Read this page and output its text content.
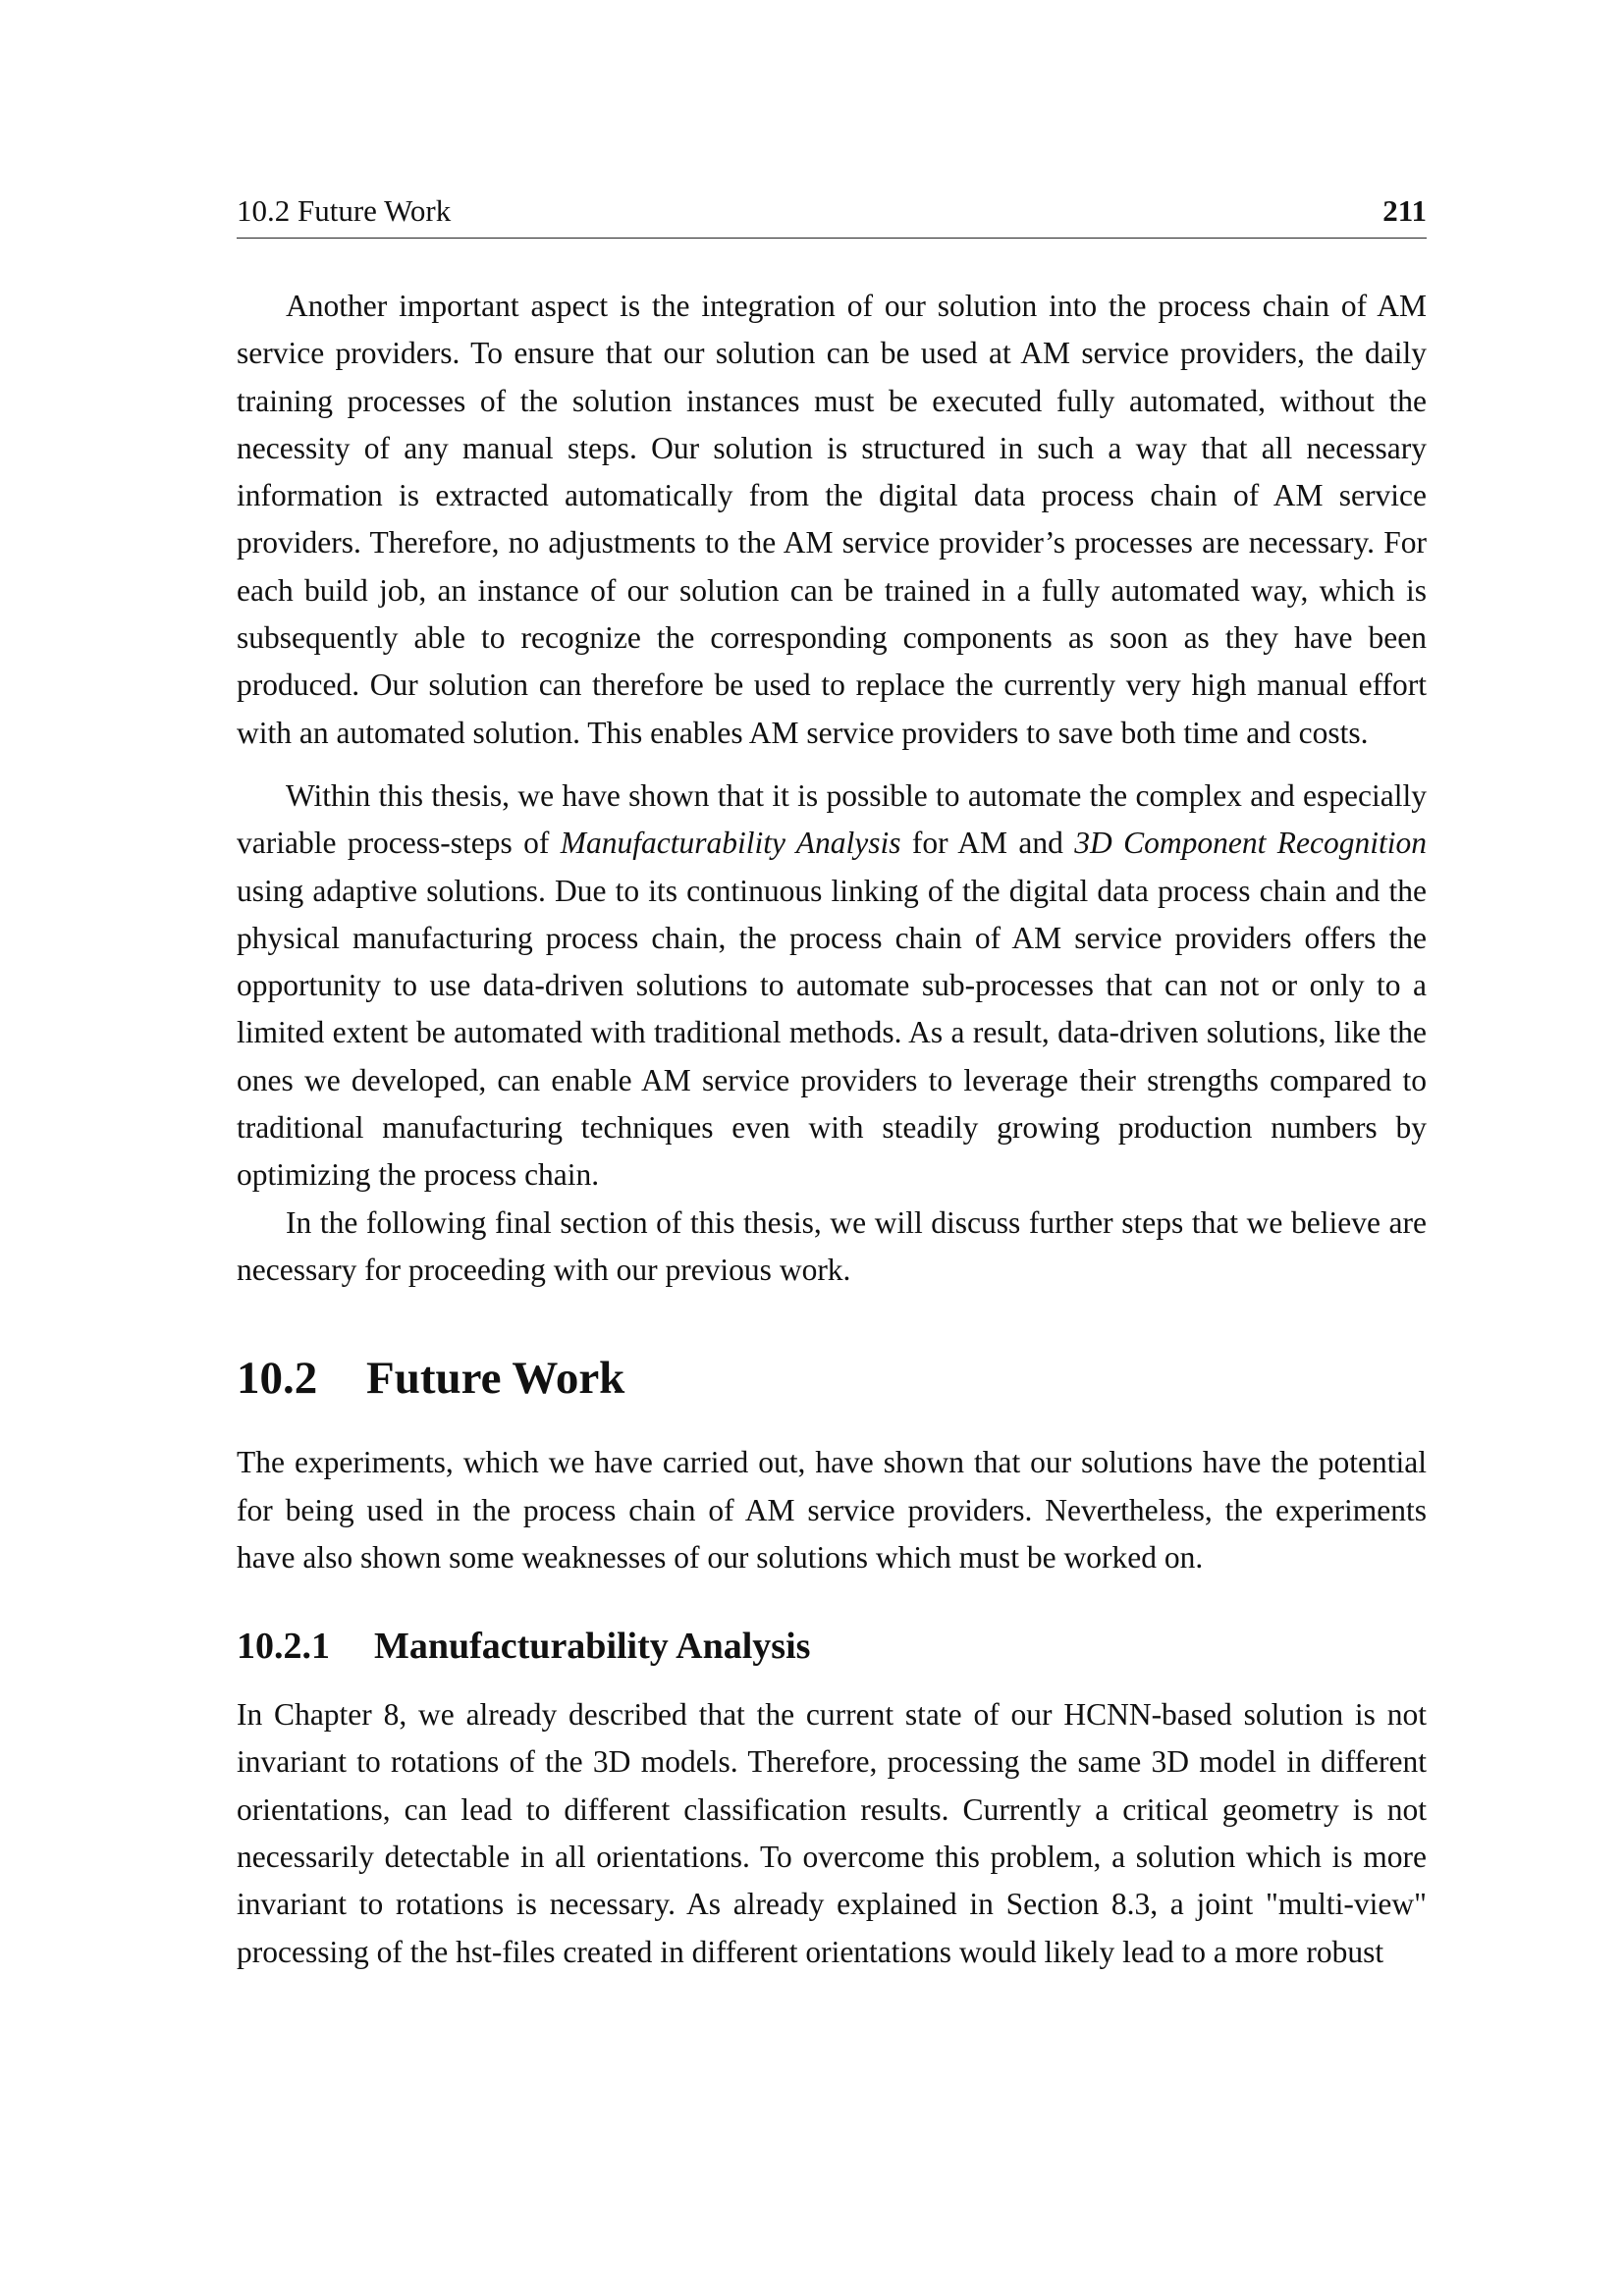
10.2 Future Work	211

Another important aspect is the integration of our solution into the process chain of AM service providers. To ensure that our solution can be used at AM service providers, the daily training processes of the solution instances must be executed fully automated, without the necessity of any manual steps. Our solution is structured in such a way that all necessary information is extracted automatically from the digital data process chain of AM service providers. Therefore, no adjustments to the AM service provider’s processes are necessary. For each build job, an instance of our solution can be trained in a fully automated way, which is subsequently able to recognize the corresponding components as soon as they have been produced. Our solution can therefore be used to replace the currently very high manual effort with an automated solution. This enables AM service providers to save both time and costs.

Within this thesis, we have shown that it is possible to automate the complex and especially variable process-steps of Manufacturability Analysis for AM and 3D Component Recognition using adaptive solutions. Due to its continuous linking of the digital data process chain and the physical manufacturing process chain, the process chain of AM service providers offers the opportunity to use data-driven solutions to automate sub-processes that can not or only to a limited extent be automated with traditional methods. As a result, data-driven solutions, like the ones we developed, can enable AM service providers to leverage their strengths compared to traditional manufacturing techniques even with steadily growing production numbers by optimizing the process chain.

In the following final section of this thesis, we will discuss further steps that we believe are necessary for proceeding with our previous work.

10.2	Future Work

The experiments, which we have carried out, have shown that our solutions have the potential for being used in the process chain of AM service providers. Nevertheless, the experiments have also shown some weaknesses of our solutions which must be worked on.

10.2.1	Manufacturability Analysis

In Chapter 8, we already described that the current state of our HCNN-based solution is not invariant to rotations of the 3D models. Therefore, processing the same 3D model in different orientations, can lead to different classification results. Currently a critical geometry is not necessarily detectable in all orientations. To overcome this problem, a solution which is more invariant to rotations is necessary. As already explained in Section 8.3, a joint "multi-view" processing of the hst-files created in different orientations would likely lead to a more robust
